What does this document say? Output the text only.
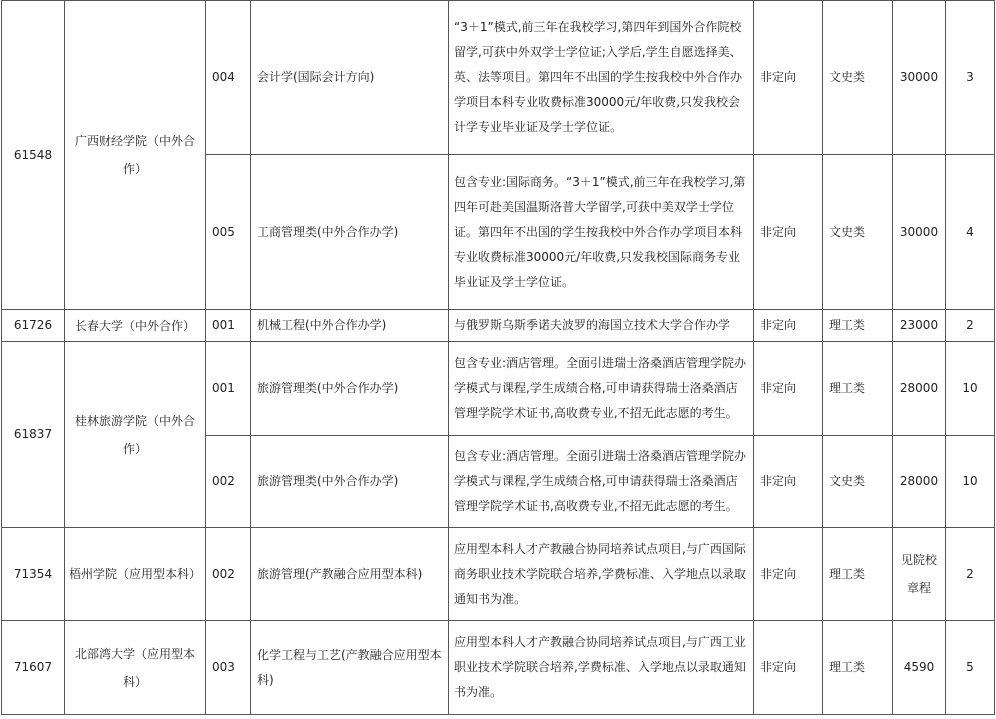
61548	广西财经学院（中外合作）	004	会计学(国际会计方向)	“3＋1”模式,前三年在我校学习,第四年到国外合作院校留学,可获中外双学士学位证;入学后,学生自愿选择美、英、法等项目。第四年不出国的学生按我校中外合作办学项目本科专业收费标准30000元/年收费,只发我校会计学专业毕业证及学士学位证。	非定向	文史类	30000	3
		005	工商管理类(中外合作办学)	包含专业:国际商务。“3＋1”模式,前三年在我校学习,第四年可赴美国温斯洛普大学留学,可获中美双学士学位证。第四年不出国的学生按我校中外合作办学项目本科专业收费标准30000元/年收费,只发我校国际商务专业毕业证及学士学位证。	非定向	文史类	30000	4
61726	长春大学（中外合作）	001	机械工程(中外合作办学)	与俄罗斯乌斯季诺夫波罗的海国立技术大学合作办学	非定向	理工类	23000	2
61837	桂林旅游学院（中外合作）	001	旅游管理类(中外合作办学)	包含专业:酒店管理。全面引进瑞士洛桑酒店管理学院办学模式与课程,学生成绩合格,可申请获得瑞士洛桑酒店管理学院学术证书,高收费专业,不招无此志愿的考生。	非定向	理工类	28000	10
		002	旅游管理类(中外合作办学)	包含专业:酒店管理。全面引进瑞士洛桑酒店管理学院办学模式与课程,学生成绩合格,可申请获得瑞士洛桑酒店管理学院学术证书,高收费专业,不招无此志愿的考生。	非定向	文史类	28000	10
71354	梧州学院（应用型本科）	002	旅游管理(产教融合应用型本科)	应用型本科人才产教融合协同培养试点项目,与广西国际商务职业技术学院联合培养,学费标准、入学地点以录取通知书为准。	非定向	理工类	见院校章程	2
71607	北部湾大学（应用型本科）	003	化学工程与工艺(产教融合应用型本科)	应用型本科人才产教融合协同培养试点项目,与广西工业职业技术学院联合培养,学费标准、入学地点以录取通知书为准。	非定向	理工类	4590	5
